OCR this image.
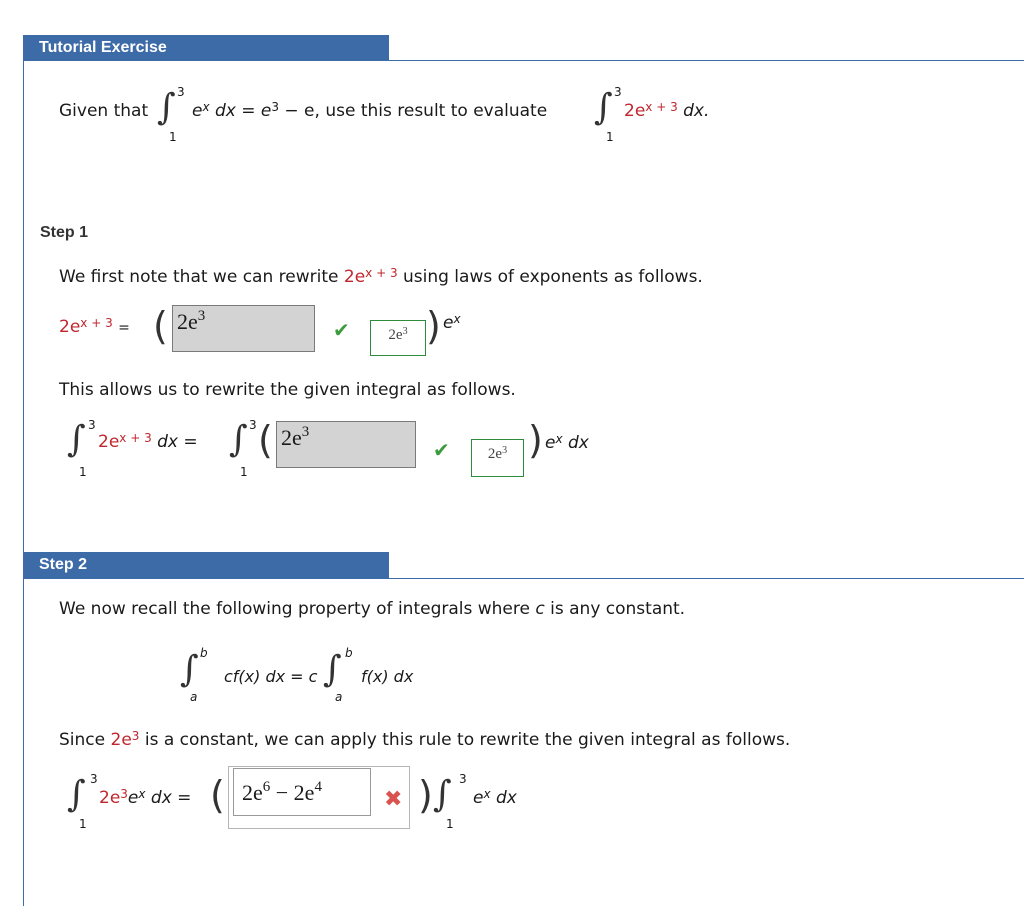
Tutorial Exercise
Given that ∫ 3
1
$e^x$ dx = $e^3 - e$, use this result to evaluate ∫ 3
1
$2e^{x + 3}$ dx.
Step 1
We first note that we can rewrite $2e^{x + 3}$ using laws of exponents as follows.
$2e^{x + 3}$ = ( $2e^3$
✔	$2e^3$ ) $e^x$
This allows us to rewrite the given integral as follows.
∫ 3
1
$2e^{x + 3}$ dx = ∫ 3
1
( $2e^3$
✔	$2e^3$ ) $e^x$ dx
Step 2
We now recall the following property of integrals where c is any constant.
∫ b
a
cf(x) dx = c ∫ b
a
f(x) dx
Since $2e^3$ is a constant, we can apply this rule to rewrite the given integral as follows.
∫ 3
1
$2e^3e^x$ dx = ( $2e^6 - 2e^4$	✖ ) ∫ 3
1
$e^x$ dx
